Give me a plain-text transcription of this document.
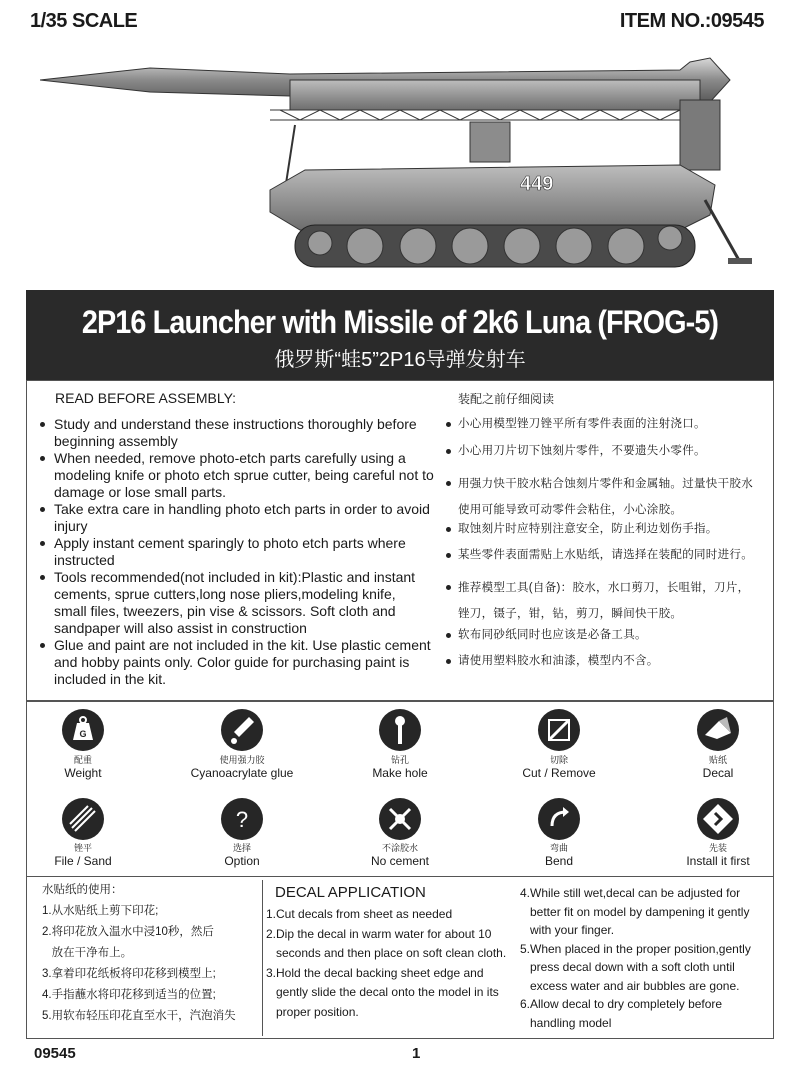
1/35 SCALE	ITEM NO.:09545
449
2P16 Launcher with Missile of 2k6 Luna (FROG-5)
俄罗斯“蛙5”2P16导弹发射车
READ BEFORE ASSEMBLY:	装配之前仔细阅读
Study and understand these instructions thoroughly before
beginning assembly
When needed, remove photo-etch parts carefully using a
modeling knife or photo etch sprue cutter, being careful not to
damage or lose small parts.
Take extra care in handling photo etch parts in order to avoid
injury
Apply instant cement sparingly to photo etch parts where
instructed
Tools recommended(not included in kit):Plastic and instant
cements, sprue cutters,long nose pliers,modeling knife,
small files, tweezers, pin vise & scissors. Soft cloth and
sandpaper will also assist in construction
Glue and paint are not included in the kit. Use plastic cement
and hobby paints only. Color guide for purchasing paint is
included in the kit.
小心用模型锉刀锉平所有零件表面的注射浇口。
小心用刀片切下蚀刻片零件，不要遗失小零件。
用强力快干胶水粘合蚀刻片零件和金属轴。过量快干胶水
使用可能导致可动零件会粘住，小心涂胶。
取蚀刻片时应特别注意安全，防止利边划伤手指。
某些零件表面需贴上水贴纸，请选择在装配的同时进行。
推荐模型工具(自备)：胶水，水口剪刀，长咀钳，刀片，
锉刀，镊子，钳，钻，剪刀，瞬间快干胶。
软布同砂纸同时也应该是必备工具。
请使用塑料胶水和油漆，模型内不含。
G
配重
Weight
使用强力胶
Cyanoacrylate glue
钻孔
Make hole
切除
Cut / Remove
贴纸
Decal
?
锉平
File / Sand
选择
Option
不涂胶水
No cement
弯曲
Bend
先装
Install it first
水贴纸的使用：
1.从水贴纸上剪下印花;
2.将印花放入温水中浸10秒，然后
放在干净布上。
3.拿着印花纸板将印花移到模型上;
4.手指蘸水将印花移到适当的位置;
5.用软布轻压印花直至水干，汽泡消失
DECAL APPLICATION
1.Cut decals from sheet as needed
2.Dip the decal in warm water for about 10
seconds and then place on soft clean cloth.
3.Hold the decal backing sheet edge and
gently slide the decal onto the model in its
proper position.
4.While still wet,decal can be adjusted for
better fit on model by dampening it gently
with your finger.
5.When placed in the proper position,gently
press decal down with a soft cloth until
excess water and air bubbles are gone.
6.Allow decal to dry completely before
handling model
09545	1
